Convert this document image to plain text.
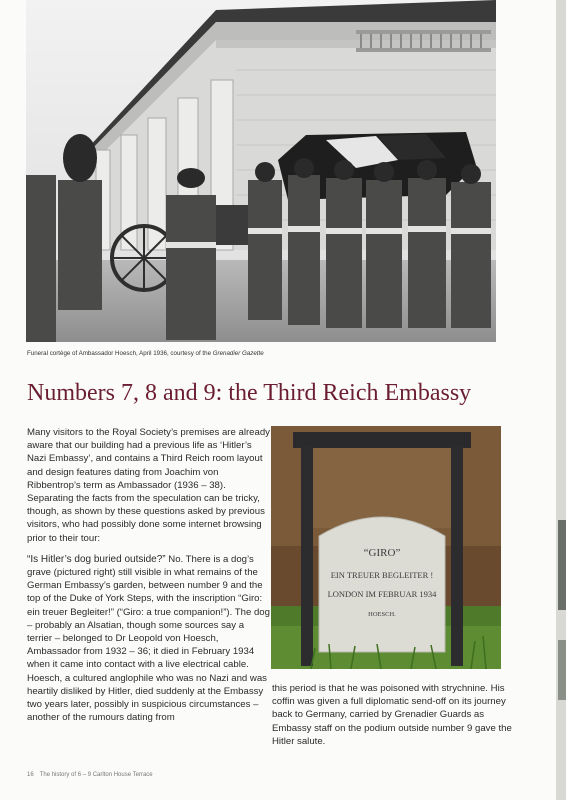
Funeral cortège of Ambassador Hoesch, April 1936, courtesy of the Grenadier Gazette
Numbers 7, 8 and 9: the Third Reich Embassy

Many visitors to the Royal Society’s premises are already aware that our building had a previous life as ‘Hitler’s Nazi Embassy’, and contains a Third Reich room layout and design features dating from Joachim von Ribbentrop’s term as Ambassador (1936 – 38). Separating the facts from the speculation can be tricky, though, as shown by these questions asked by previous visitors, who had possibly done some internet browsing prior to their tour:

“Is Hitler’s dog buried outside?” No. There is a dog’s grave (pictured right) still visible in what remains of the German Embassy’s garden, between number 9 and the top of the Duke of York Steps, with the inscription “Giro: ein treuer Begleiter!” (“Giro: a true companion!”). The dog – probably an Alsatian, though some sources say a terrier – belonged to Dr Leopold von Hoesch, Ambassador from 1932 – 36; it died in February 1934 when it came into contact with a live electrical cable. Hoesch, a cultured anglophile who was no Nazi and was heartily disliked by Hitler, died suddenly at the Embassy two years later, possibly in suspicious circumstances – another of the rumours dating from

“GIRO”
EIN TREUER BEGLEITER !
LONDON IM FEBRUAR 1934
HOESCH.

this period is that he was poisoned with strychnine. His coffin was given a full diplomatic send-off on its journey back to Germany, carried by Grenadier Guards as Embassy staff on the podium outside number 9 gave the Hitler salute.

16 The history of 6 – 9 Carlton House Terrace
